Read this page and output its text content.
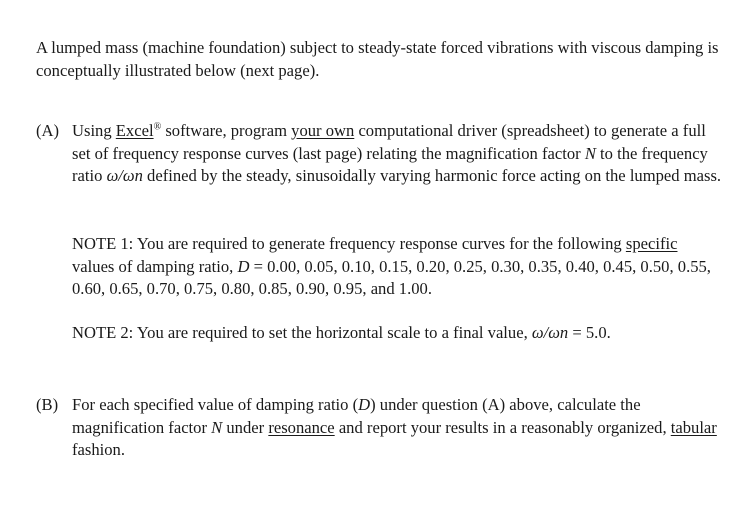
A lumped mass (machine foundation) subject to steady-state forced vibrations with viscous damping is conceptually illustrated below (next page).

(A) Using Excel® software, program your own computational driver (spreadsheet) to generate a full set of frequency response curves (last page) relating the magnification factor N to the frequency ratio ω/ωn defined by the steady, sinusoidally varying harmonic force acting on the lumped mass.

NOTE 1: You are required to generate frequency response curves for the following specific values of damping ratio, D = 0.00, 0.05, 0.10, 0.15, 0.20, 0.25, 0.30, 0.35, 0.40, 0.45, 0.50, 0.55, 0.60, 0.65, 0.70, 0.75, 0.80, 0.85, 0.90, 0.95, and 1.00.

NOTE 2: You are required to set the horizontal scale to a final value, ω/ωn = 5.0.

(B) For each specified value of damping ratio (D) under question (A) above, calculate the magnification factor N under resonance and report your results in a reasonably organized, tabular fashion.
